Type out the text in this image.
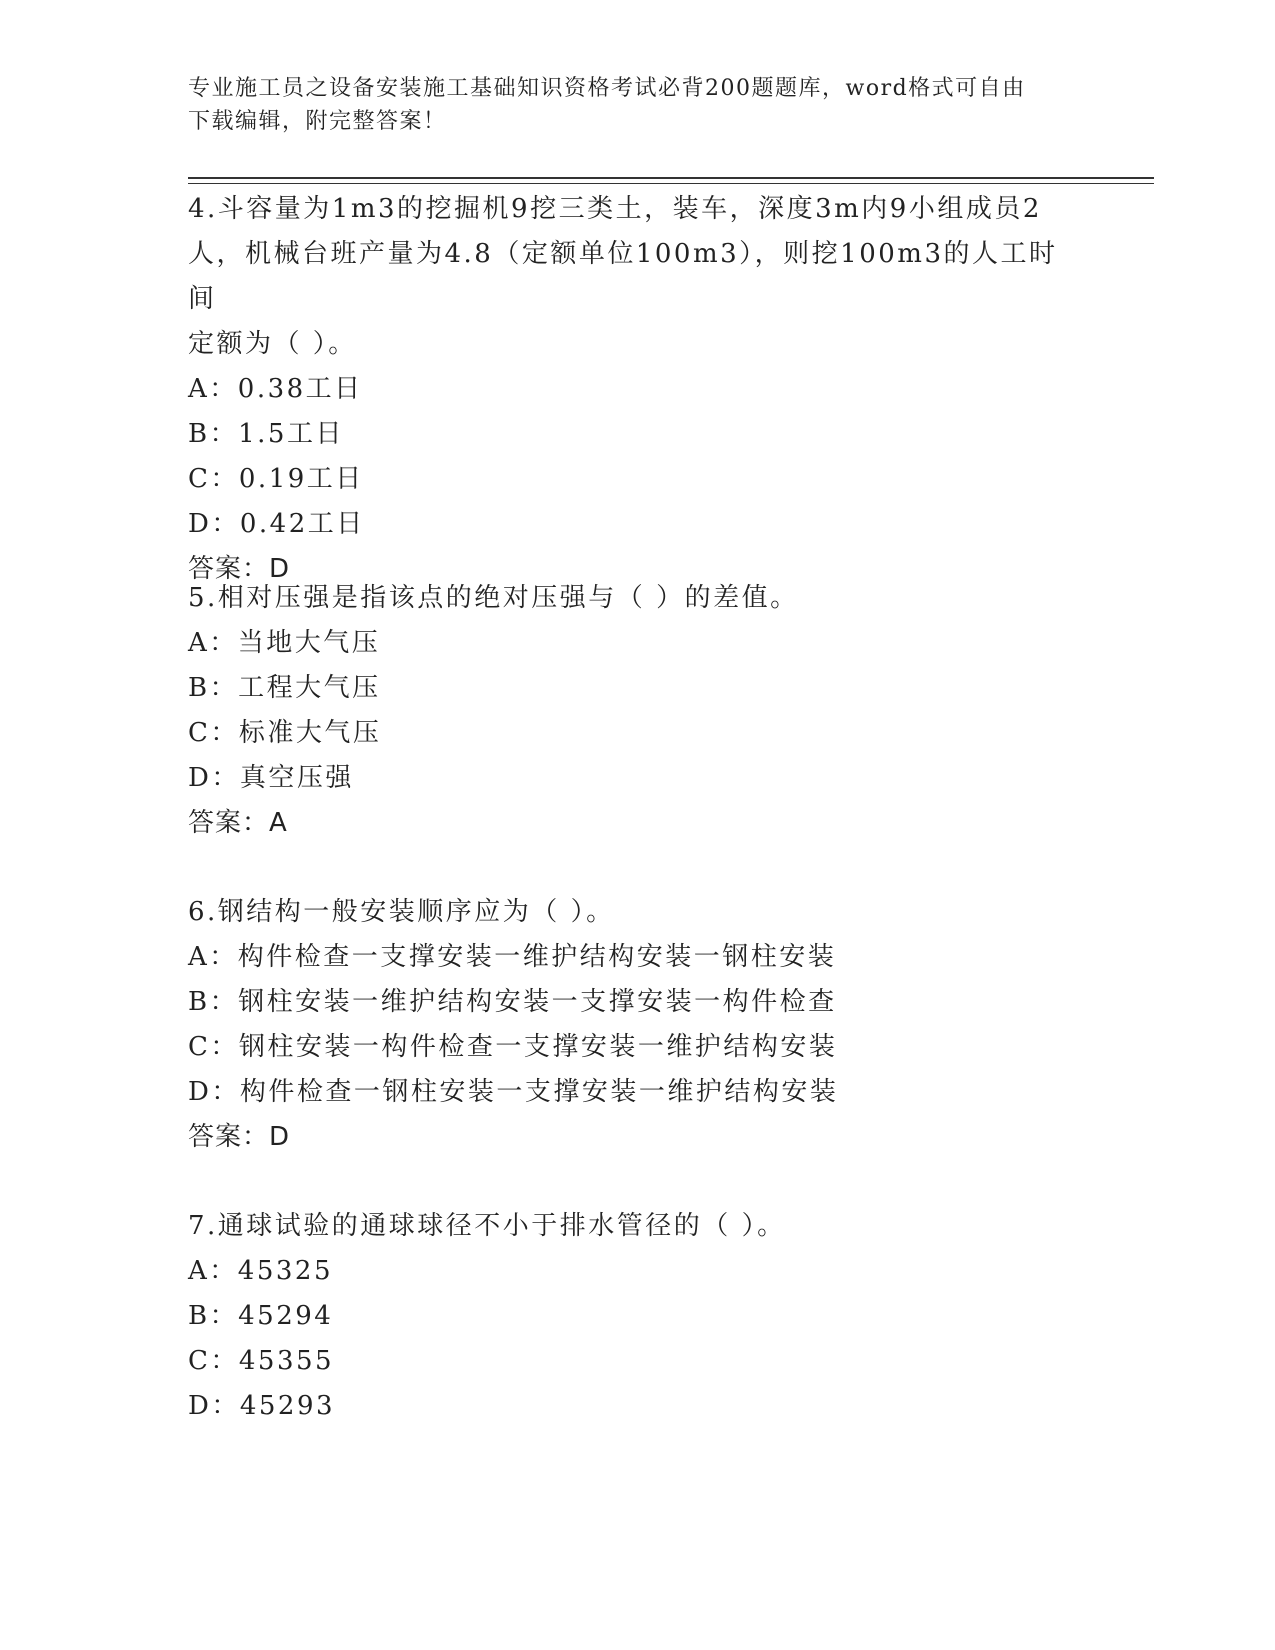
专业施工员之设备安装施工基础知识资格考试必背200题题库，word格式可自由
下载编辑，附完整答案！
4.斗容量为1m3的挖掘机9挖三类土，装车，深度3m内9小组成员2
人，机械台班产量为4.8（定额单位100m3），则挖100m3的人工时间
定额为（ ）。
A：0.38工日
B：1.5工日
C：0.19工日
D：0.42工日
答案：D
5.相对压强是指该点的绝对压强与（ ）的差值。
A：当地大气压
B：工程大气压
C：标准大气压
D：真空压强
答案：A
6.钢结构一般安装顺序应为（ ）。
A：构件检查一支撑安装一维护结构安装一钢柱安装
B：钢柱安装一维护结构安装一支撑安装一构件检查
C：钢柱安装一构件检查一支撑安装一维护结构安装
D：构件检查一钢柱安装一支撑安装一维护结构安装
答案：D
7.通球试验的通球球径不小于排水管径的（ ）。
A：45325
B：45294
C：45355
D：45293
